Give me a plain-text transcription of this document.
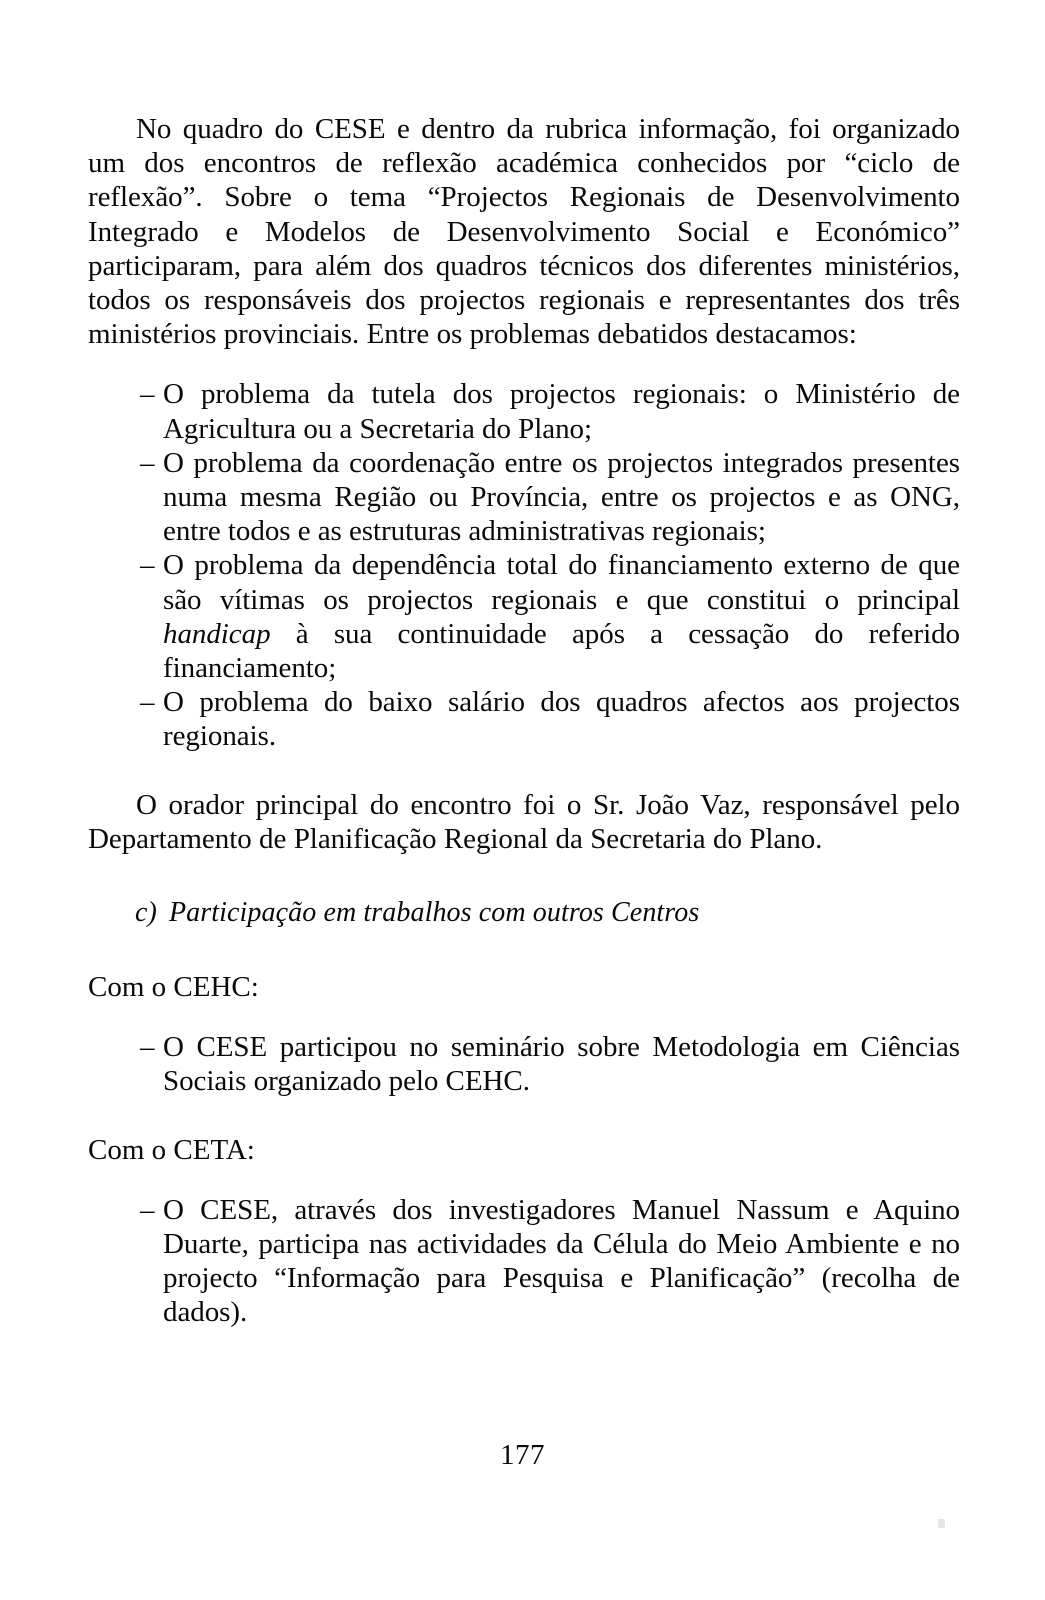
No quadro do CESE e dentro da rubrica informação, foi organizado um dos encontros de reflexão académica conhecidos por “ciclo de reflexão”. Sobre o tema “Projectos Regionais de Desenvolvimento Integrado e Modelos de Desenvolvimento Social e Económico” participaram, para além dos quadros técnicos dos diferentes ministérios, todos os responsáveis dos projectos regionais e representantes dos três ministérios provinciais. Entre os problemas debatidos destacamos:

– O problema da tutela dos projectos regionais: o Ministério de Agricultura ou a Secretaria do Plano;
– O problema da coordenação entre os projectos integrados presentes numa mesma Região ou Província, entre os projectos e as ONG, entre todos e as estruturas administrativas regionais;
– O problema da dependência total do financiamento externo de que são vítimas os projectos regionais e que constitui o principal handicap à sua continuidade após a cessação do referido financiamento;
– O problema do baixo salário dos quadros afectos aos projectos regionais.

O orador principal do encontro foi o Sr. João Vaz, responsável pelo Departamento de Planificação Regional da Secretaria do Plano.

c) Participação em trabalhos com outros Centros

Com o CEHC:

– O CESE participou no seminário sobre Metodologia em Ciências Sociais organizado pelo CEHC.

Com o CETA:

– O CESE, através dos investigadores Manuel Nassum e Aquino Duarte, participa nas actividades da Célula do Meio Ambiente e no projecto “Informação para Pesquisa e Planificação” (recolha de dados).
177
